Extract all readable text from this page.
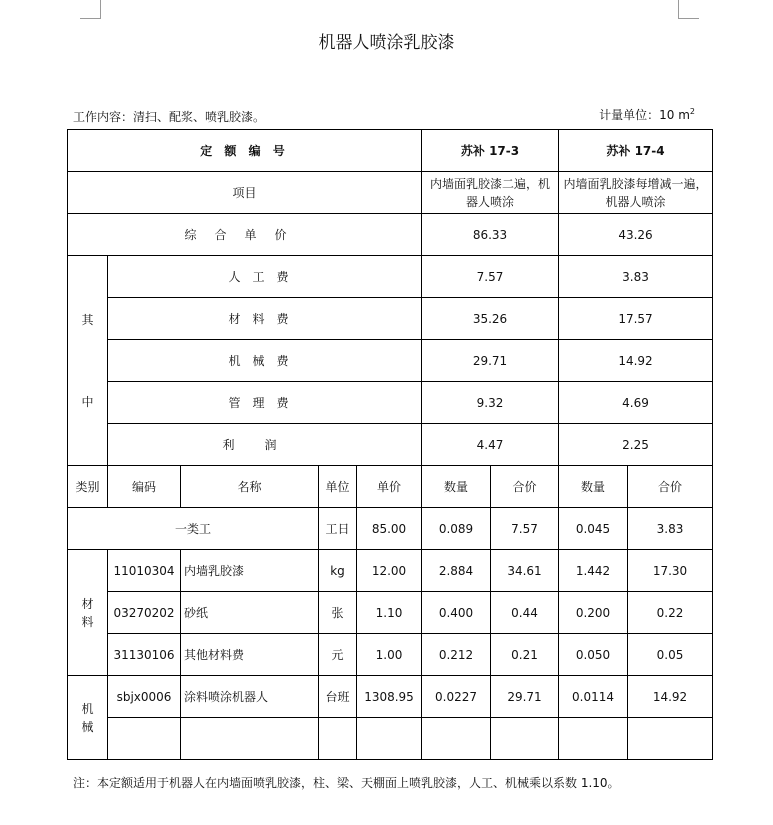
机器人喷涂乳胶漆
工作内容：清扫、配浆、喷乳胶漆。	计量单位：10 $m^2$
定 额 编 号					苏补 17-3		苏补 17-4	
项目					内墙面乳胶漆二遍，机器人喷涂		内墙面乳胶漆每增减一遍，机器人喷涂	
综合单价					86.33		43.26	

其
中	人工费				7.57		3.83	
	材料费				35.26		17.57	
	机械费				29.71		14.92	
	管理费				9.32		4.69	
	利润				4.47		2.25	
类别	编码	名称	单位	单价	数量	合价	数量	合价
一类工			工日	85.00	0.089	7.57	0.045	3.83
材
料	11010304	内墙乳胶漆	kg	12.00	2.884	34.61	1.442	17.30
	03270202	砂纸	张	1.10	0.400	0.44	0.200	0.22
	31130106	其他材料费	元	1.00	0.212	0.21	0.050	0.05
机
械	sbjx0006	涂料喷涂机器人	台班	1308.95	0.0227	29.71	0.0114	14.92

注：本定额适用于机器人在内墙面喷乳胶漆，柱、梁、天棚面上喷乳胶漆，人工、机械乘以系数 1.10。
